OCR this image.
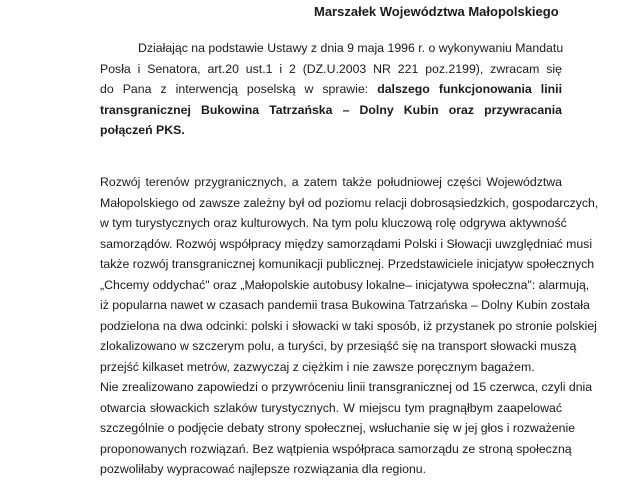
Marszałek Województwa Małopolskiego
Działając na podstawie Ustawy z dnia 9 maja 1996 r. o wykonywaniu Mandatu
Posła i Senatora, art.20 ust.1 i 2 (DZ.U.2003 NR 221 poz.2199), zwracam się
do Pana z interwencją poselską w sprawie: dalszego funkcjonowania linii
transgranicznej Bukowina Tatrzańska – Dolny Kubin oraz przywracania
połączeń PKS.
Rozwój terenów przygranicznych, a zatem także południowej części Województwa
Małopolskiego od zawsze zależny był od poziomu relacji dobrosąsiedzkich, gospodarczych,
w tym turystycznych oraz kulturowych. Na tym polu kluczową rolę odgrywa aktywność
samorządów. Rozwój współpracy między samorządami Polski i Słowacji uwzględniać musi
także rozwój transgranicznej komunikacji publicznej. Przedstawiciele inicjatyw społecznych
„Chcemy oddychać" oraz „Małopolskie autobusy lokalne– inicjatywa społeczna": alarmują,
iż popularna nawet w czasach pandemii trasa Bukowina Tatrzańska – Dolny Kubin została
podzielona na dwa odcinki: polski i słowacki w taki sposób, iż przystanek po stronie polskiej
zlokalizowano w szczerym polu, a turyści, by przesiąść się na transport słowacki muszą
przejść kilkaset metrów, zazwyczaj z ciężkim i nie zawsze poręcznym bagażem.
Nie zrealizowano zapowiedzi o przywróceniu linii transgranicznej od 15 czerwca, czyli dnia
otwarcia słowackich szlaków turystycznych. W miejscu tym pragnąłbym zaapelować
szczególnie o podjęcie debaty strony społecznej, wsłuchanie się w jej głos i rozważenie
proponowanych rozwiązań. Bez wątpienia współpraca samorządu ze stroną społeczną
pozwoliłaby wypracować najlepsze rozwiązania dla regionu.
